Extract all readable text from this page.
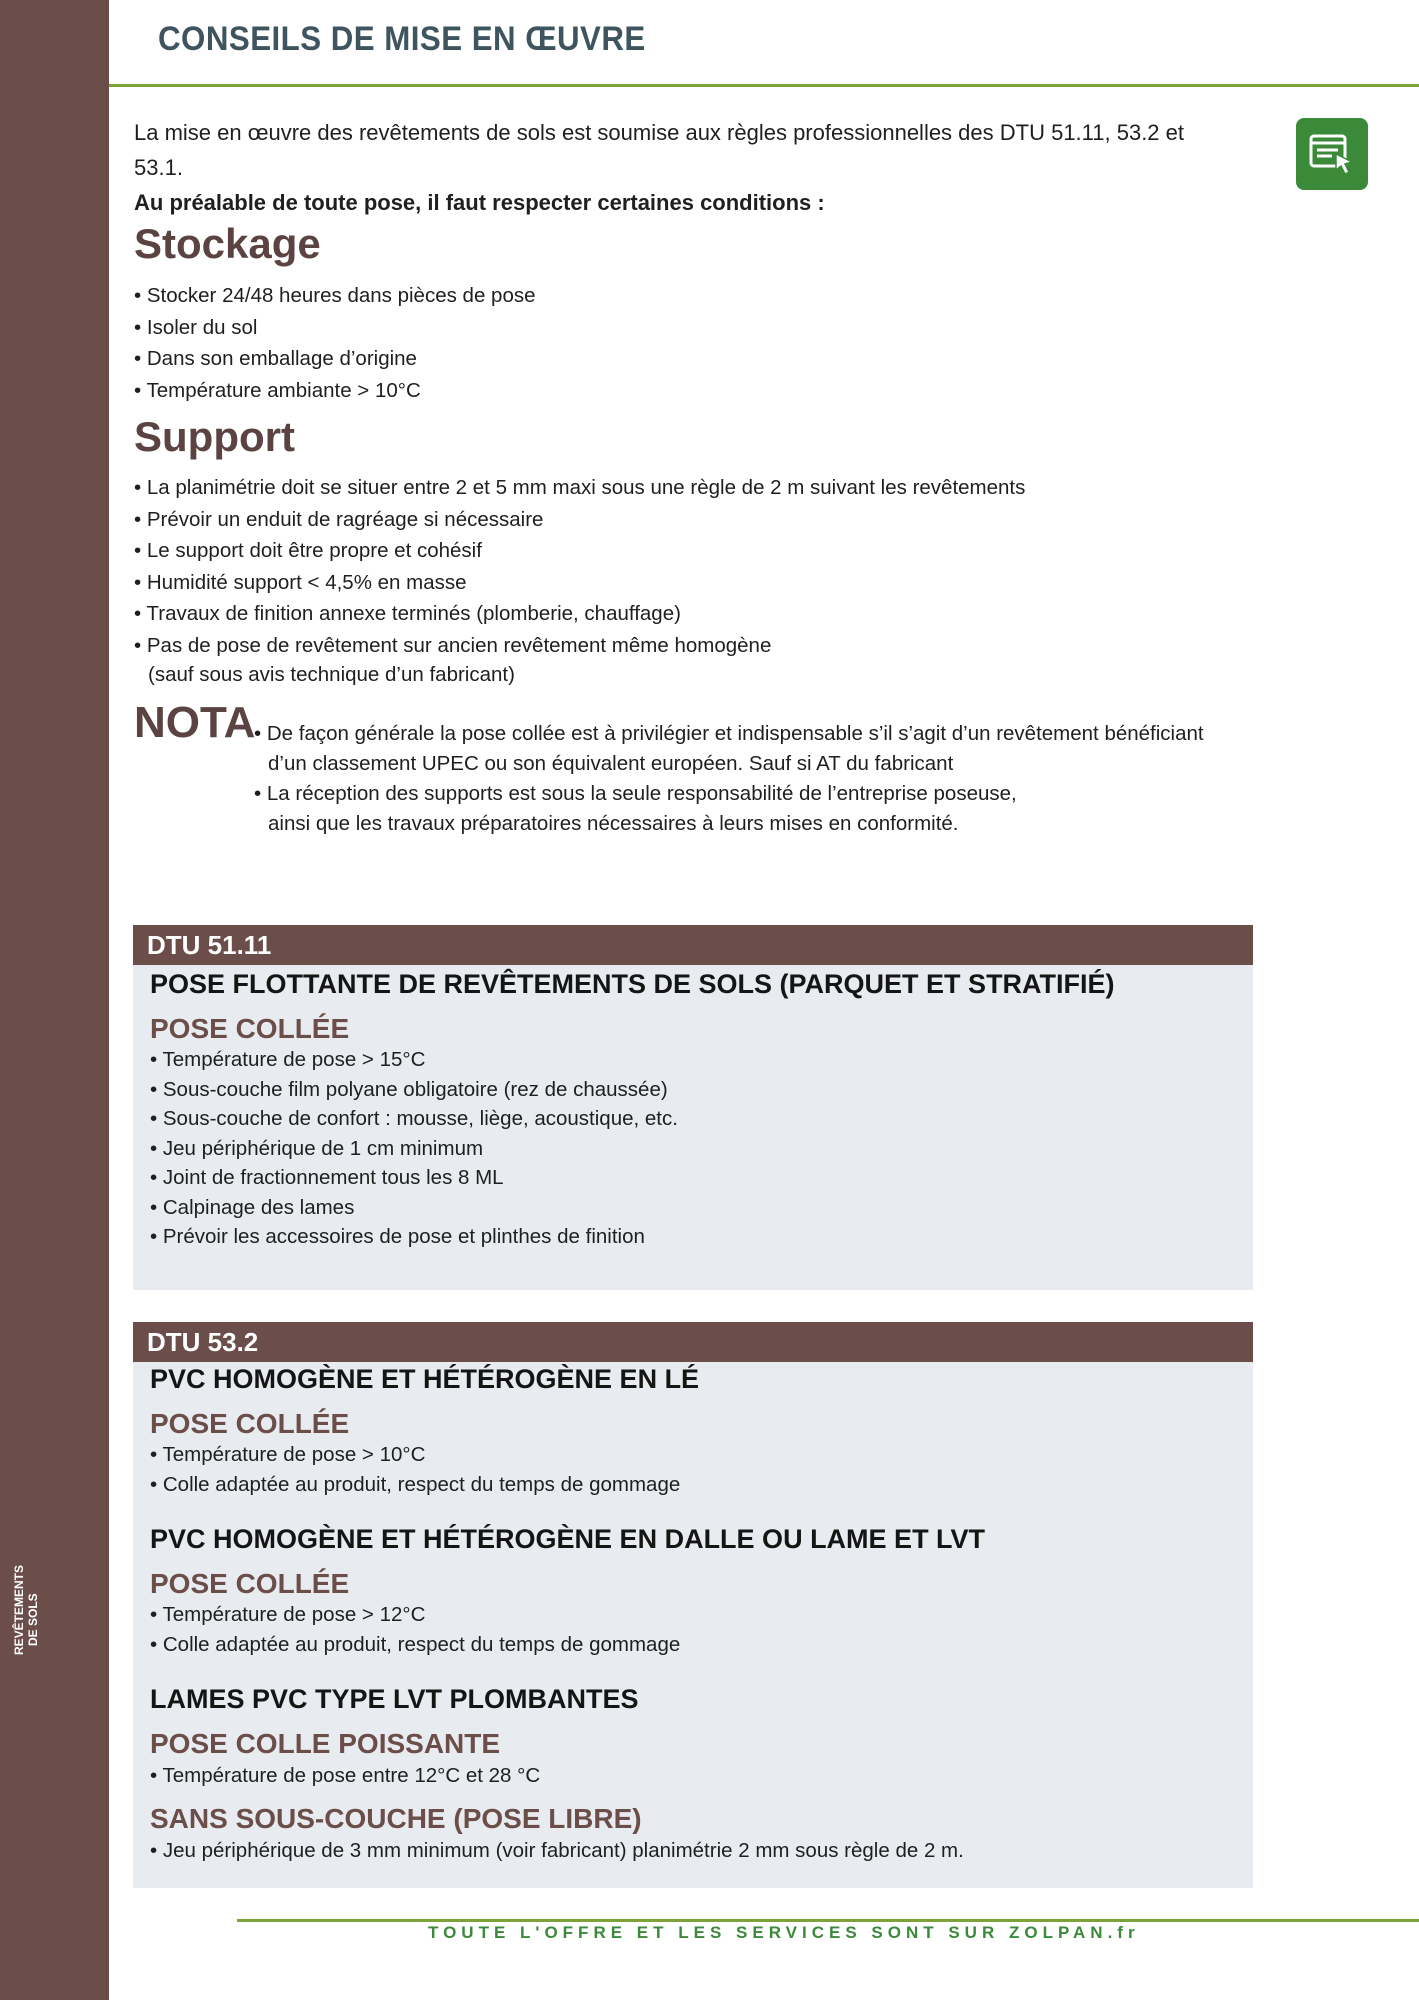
REVÊTEMENTS DE SOLS
CONSEILS DE MISE EN ŒUVRE

La mise en œuvre des revêtements de sols est soumise aux règles professionnelles des DTU 51.11, 53.2 et 53.1.

Au préalable de toute pose, il faut respecter certaines conditions :

Stockage
• Stocker 24/48 heures dans pièces de pose
• Isoler du sol
• Dans son emballage d’origine
• Température ambiante > 10°C
Support
• La planimétrie doit se situer entre 2 et 5 mm maxi sous une règle de 2 m suivant les revêtements
• Prévoir un enduit de ragréage si nécessaire
• Le support doit être propre et cohésif
• Humidité support < 4,5% en masse
• Travaux de finition annexe terminés (plomberie, chauffage)
• Pas de pose de revêtement sur ancien revêtement même homogène
(sauf sous avis technique d’un fabricant)
NOTA
• De façon générale la pose collée est à privilégier et indispensable s’il s’agit d’un revêtement bénéficiant
d’un classement UPEC ou son équivalent européen. Sauf si AT du fabricant
• La réception des supports est sous la seule responsabilité de l’entreprise poseuse,
ainsi que les travaux préparatoires nécessaires à leurs mises en conformité.
DTU 51.11
POSE FLOTTANTE DE REVÊTEMENTS DE SOLS (PARQUET ET STRATIFIÉ)
POSE COLLÉE
• Température de pose > 15°C
• Sous-couche film polyane obligatoire (rez de chaussée)
• Sous-couche de confort : mousse, liège, acoustique, etc.
• Jeu périphérique de 1 cm minimum
• Joint de fractionnement tous les 8 ML
• Calpinage des lames
• Prévoir les accessoires de pose et plinthes de finition
DTU 53.2
PVC HOMOGÈNE ET HÉTÉROGÈNE EN LÉ
POSE COLLÉE
• Température de pose > 10°C
• Colle adaptée au produit, respect du temps de gommage
PVC HOMOGÈNE ET HÉTÉROGÈNE EN DALLE OU LAME ET LVT
POSE COLLÉE
• Température de pose > 12°C
• Colle adaptée au produit, respect du temps de gommage
LAMES PVC TYPE LVT PLOMBANTES
POSE COLLE POISSANTE
• Température de pose entre 12°C et 28 °C
SANS SOUS-COUCHE (POSE LIBRE)
• Jeu périphérique de 3 mm minimum (voir fabricant) planimétrie 2 mm sous règle de 2 m.
TOUTE L'OFFRE ET LES SERVICES SONT SUR ZOLPAN.fr
